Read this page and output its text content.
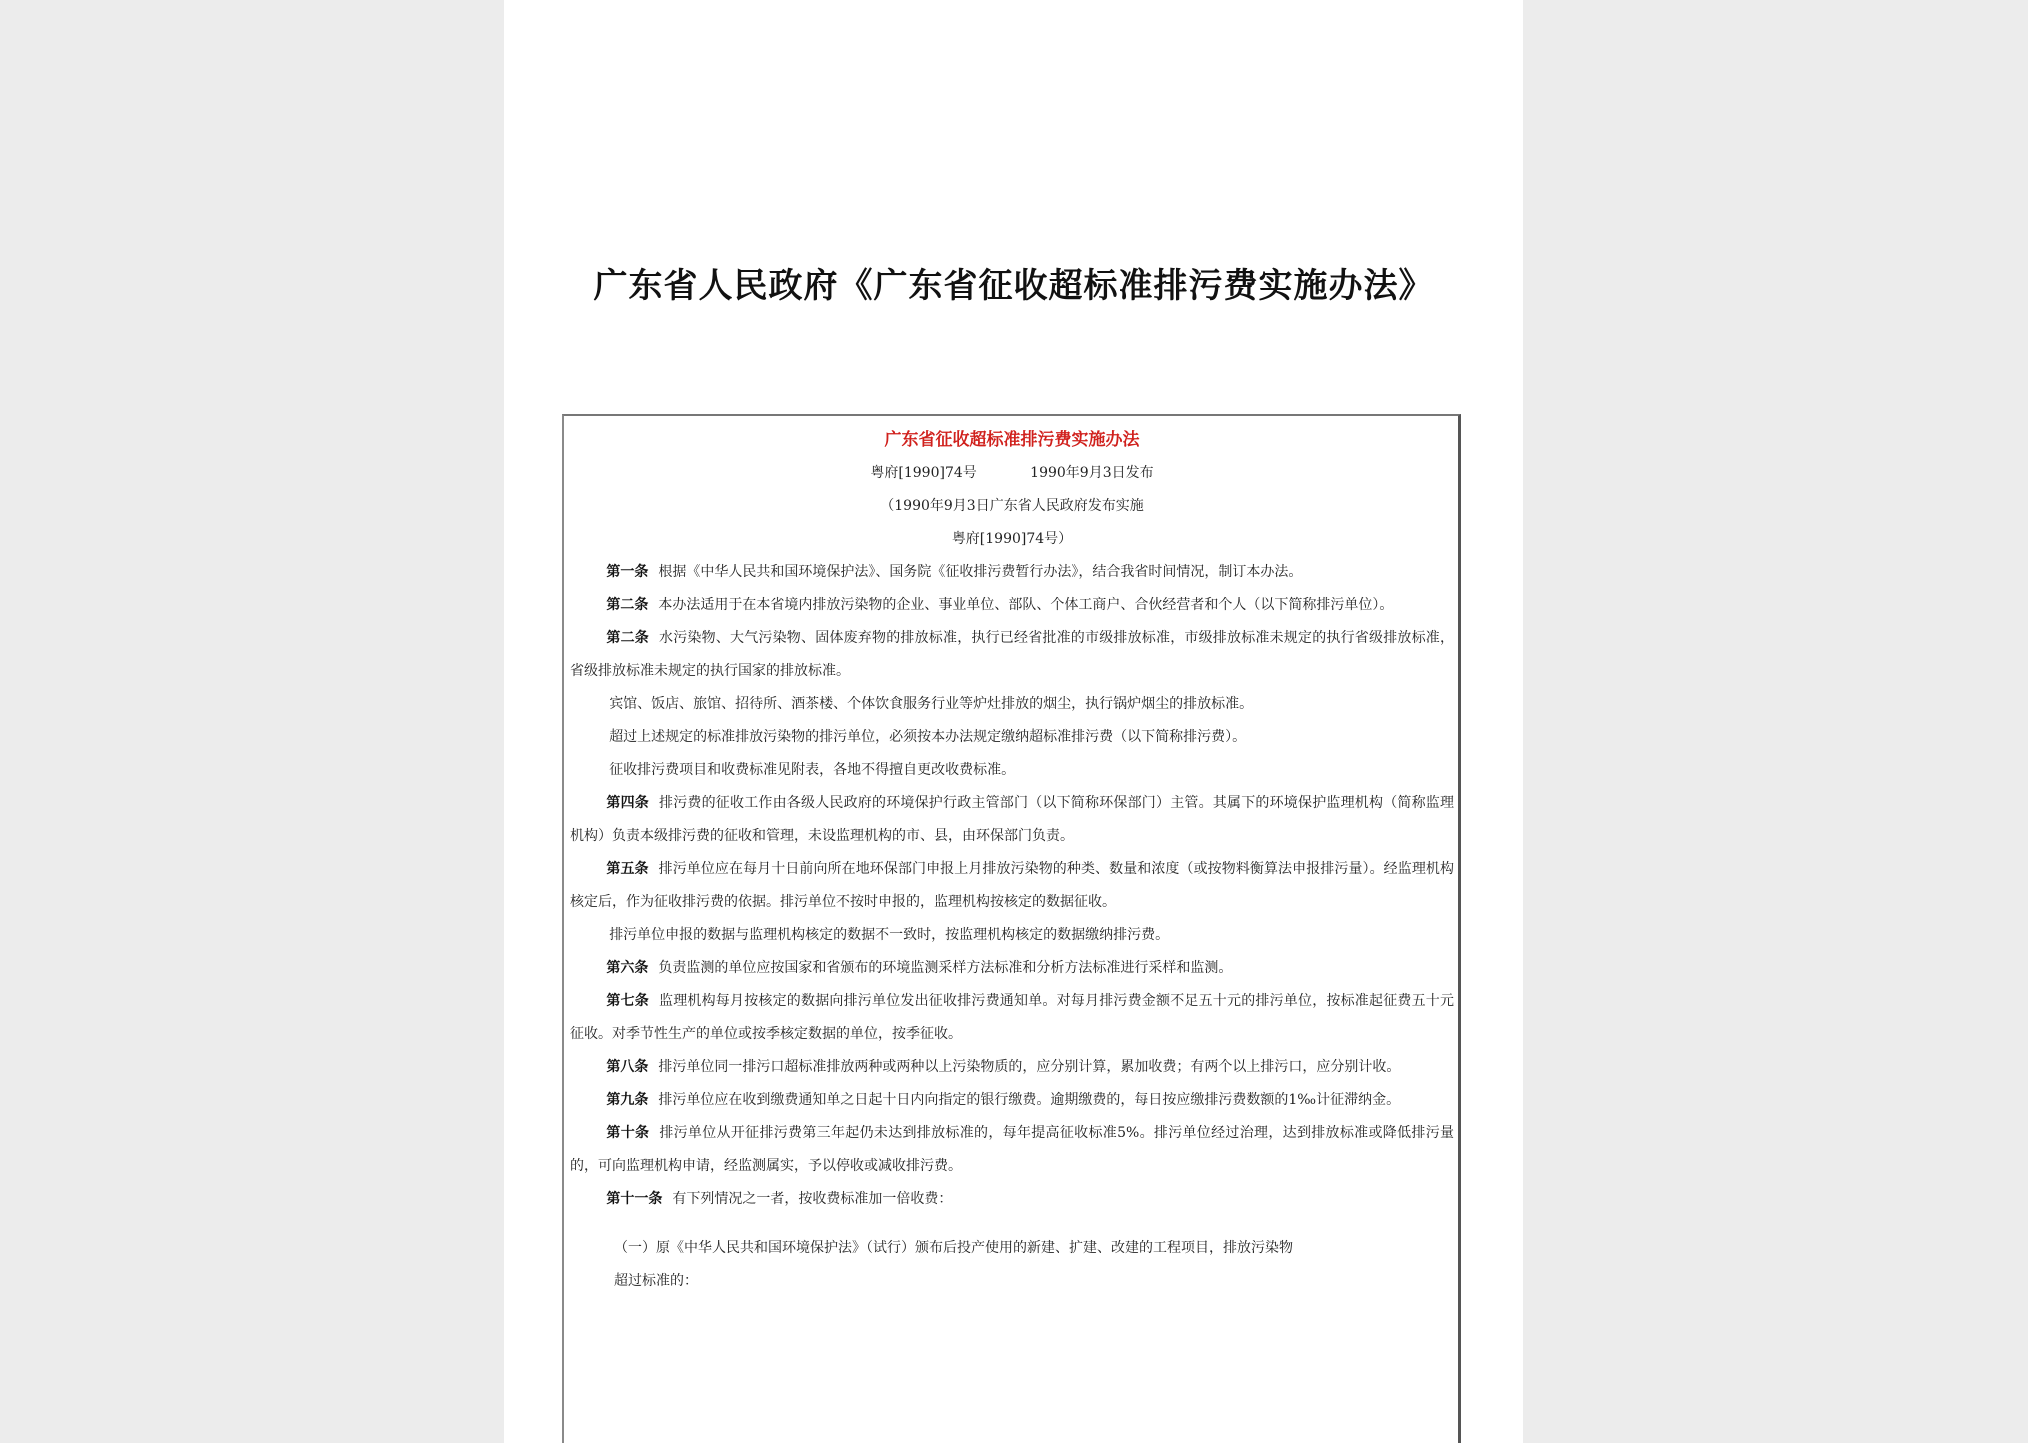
广东省人民政府《广东省征收超标准排污费实施办法》
广东省征收超标准排污费实施办法
粤府[1990]74号            1990年9月3日发布
（1990年9月3日广东省人民政府发布实施
粤府[1990]74号）

第一条 根据《中华人民共和国环境保护法》、国务院《征收排污费暂行办法》，结合我省时间情况，制订本办法。

第二条 本办法适用于在本省境内排放污染物的企业、事业单位、部队、个体工商户、合伙经营者和个人（以下简称排污单位）。

第二条 水污染物、大气污染物、固体废弃物的排放标准，执行已经省批准的市级排放标准，市级排放标准未规定的执行省级排放标准，省级排放标准未规定的执行国家的排放标准。

宾馆、饭店、旅馆、招待所、酒茶楼、个体饮食服务行业等炉灶排放的烟尘，执行锅炉烟尘的排放标准。

超过上述规定的标准排放污染物的排污单位，必须按本办法规定缴纳超标准排污费（以下简称排污费）。

征收排污费项目和收费标准见附表，各地不得擅自更改收费标准。

第四条 排污费的征收工作由各级人民政府的环境保护行政主管部门（以下简称环保部门）主管。其属下的环境保护监理机构（简称监理机构）负责本级排污费的征收和管理，未设监理机构的市、县，由环保部门负责。

第五条 排污单位应在每月十日前向所在地环保部门申报上月排放污染物的种类、数量和浓度（或按物料衡算法申报排污量）。经监理机构核定后，作为征收排污费的依据。排污单位不按时申报的，监理机构按核定的数据征收。

排污单位申报的数据与监理机构核定的数据不一致时，按监理机构核定的数据缴纳排污费。

第六条 负责监测的单位应按国家和省颁布的环境监测采样方法标准和分析方法标准进行采样和监测。

第七条 监理机构每月按核定的数据向排污单位发出征收排污费通知单。对每月排污费金额不足五十元的排污单位，按标准起征费五十元征收。对季节性生产的单位或按季核定数据的单位，按季征收。

第八条 排污单位同一排污口超标准排放两种或两种以上污染物质的，应分别计算，累加收费；有两个以上排污口，应分别计收。

第九条 排污单位应在收到缴费通知单之日起十日内向指定的银行缴费。逾期缴费的，每日按应缴排污费数额的1‰计征滞纳金。

第十条 排污单位从开征排污费第三年起仍未达到排放标准的，每年提高征收标准5%。排污单位经过治理，达到排放标准或降低排污量的，可向监理机构申请，经监测属实，予以停收或减收排污费。

第十一条 有下列情况之一者，按收费标准加一倍收费：

（一）原《中华人民共和国环境保护法》（试行）颁布后投产使用的新建、扩建、改建的工程项目，排放污染物
超过标准的：
